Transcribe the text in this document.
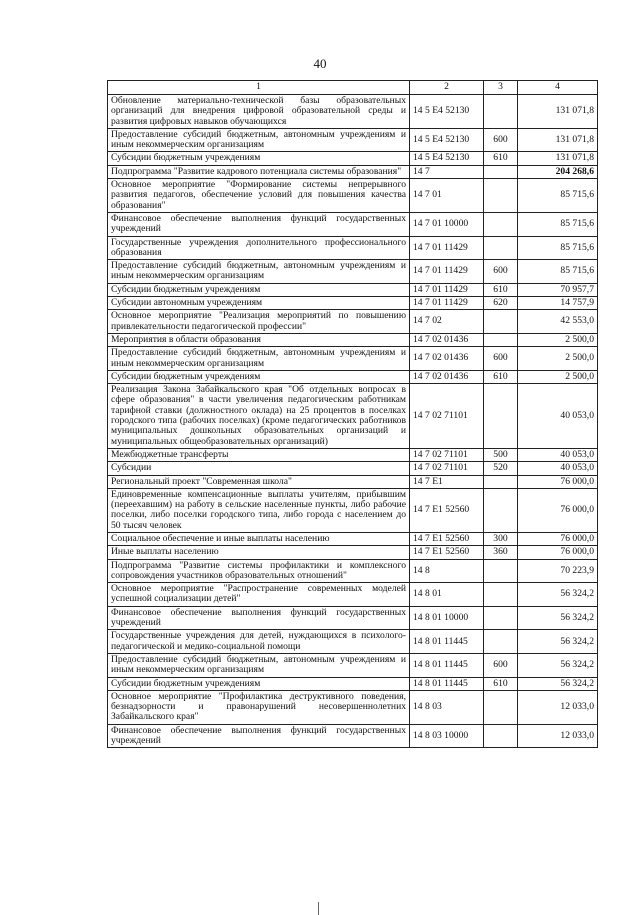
40
1	2	3	4
Обновление материально-технической базы образовательных организаций для внедрения цифровой образовательной среды и развития цифровых навыков обучающихся	14 5 Е4 52130		131 071,8
Предоставление субсидий бюджетным, автономным учреждениям и иным некоммерческим организациям	14 5 Е4 52130	600	131 071,8
Субсидии бюджетным учреждениям	14 5 Е4 52130	610	131 071,8
Подпрограмма "Развитие кадрового потенциала системы образования"	14 7		204 268,6
Основное мероприятие "Формирование системы непрерывного развития педагогов, обеспечение условий для повышения качества образования"	14 7 01		85 715,6
Финансовое обеспечение выполнения функций государственных учреждений	14 7 01 10000		85 715,6
Государственные учреждения дополнительного профессионального образования	14 7 01 11429		85 715,6
Предоставление субсидий бюджетным, автономным учреждениям и иным некоммерческим организациям	14 7 01 11429	600	85 715,6
Субсидии бюджетным учреждениям	14 7 01 11429	610	70 957,7
Субсидии автономным учреждениям	14 7 01 11429	620	14 757,9
Основное мероприятие "Реализация мероприятий по повышению привлекательности педагогической профессии"	14 7 02		42 553,0
Мероприятия в области образования	14 7 02 01436		2 500,0
Предоставление субсидий бюджетным, автономным учреждениям и иным некоммерческим организациям	14 7 02 01436	600	2 500,0
Субсидии бюджетным учреждениям	14 7 02 01436	610	2 500,0
Реализация Закона Забайкальского края "Об отдельных вопросах в сфере образования" в части увеличения педагогическим работникам тарифной ставки (должностного оклада) на 25 процентов в поселках городского типа (рабочих поселках) (кроме педагогических работников муниципальных дошкольных образовательных организаций и муниципальных общеобразовательных организаций)	14 7 02 71101		40 053,0
Межбюджетные трансферты	14 7 02 71101	500	40 053,0
Субсидии	14 7 02 71101	520	40 053,0
Региональный проект "Современная школа"	14 7 Е1		76 000,0
Единовременные компенсационные выплаты учителям, прибывшим (переехавшим) на работу в сельские населенные пункты, либо рабочие поселки, либо поселки городского типа, либо города с населением до 50 тысяч человек	14 7 Е1 52560		76 000,0
Социальное обеспечение и иные выплаты населению	14 7 Е1 52560	300	76 000,0
Иные выплаты населению	14 7 Е1 52560	360	76 000,0
Подпрограмма "Развитие системы профилактики и комплексного сопровождения участников образовательных отношений"	14 8		70 223,9
Основное мероприятие "Распространение современных моделей успешной социализации детей"	14 8 01		56 324,2
Финансовое обеспечение выполнения функций государственных учреждений	14 8 01 10000		56 324,2
Государственные учреждения для детей, нуждающихся в психолого-педагогической и медико-социальной помощи	14 8 01 11445		56 324,2
Предоставление субсидий бюджетным, автономным учреждениям и иным некоммерческим организациям	14 8 01 11445	600	56 324,2
Субсидии бюджетным учреждениям	14 8 01 11445	610	56 324,2
Основное мероприятие "Профилактика деструктивного поведения, безнадзорности и правонарушений несовершеннолетних Забайкальского края"	14 8 03		12 033,0
Финансовое обеспечение выполнения функций государственных учреждений	14 8 03 10000		12 033,0
